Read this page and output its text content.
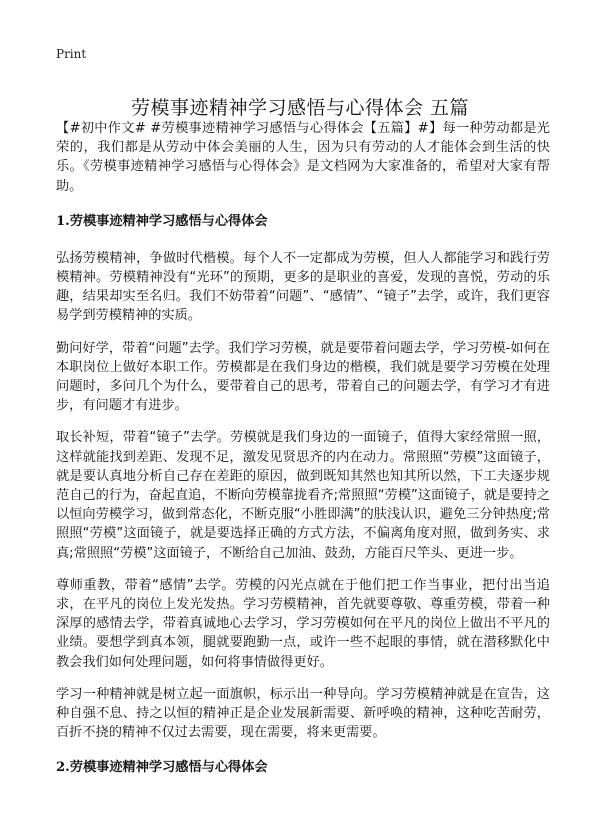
Print
劳模事迹精神学习感悟与心得体会 五篇

【#初中作文# #劳模事迹精神学习感悟与心得体会【五篇】#】每一种劳动都是光荣的，我们都是从劳动中体会美丽的人生，因为只有劳动的人才能体会到生活的快乐。《劳模事迹精神学习感悟与心得体会》是文档网为大家准备的，希望对大家有帮助。

1.劳模事迹精神学习感悟与心得体会

弘扬劳模精神，争做时代楷模。每个人不一定都成为劳模，但人人都能学习和践行劳模精神。劳模精神没有“光环”的预期，更多的是职业的喜爱，发现的喜悦，劳动的乐趣，结果却实至名归。我们不妨带着“问题”、“感情”、“镜子”去学，或许，我们更容易学到劳模精神的实质。

勤问好学，带着“问题”去学。我们学习劳模，就是要带着问题去学，学习劳模-如何在本职岗位上做好本职工作。劳模都是在我们身边的楷模，我们就是要学习劳模在处理问题时，多问几个为什么，要带着自己的思考，带着自己的问题去学，有学习才有进步，有问题才有进步。

取长补短，带着“镜子”去学。劳模就是我们身边的一面镜子，值得大家经常照一照，这样就能找到差距、发现不足，激发见贤思齐的内在动力。常照照“劳模”这面镜子，就是要认真地分析自己存在差距的原因，做到既知其然也知其所以然，下工夫逐步规范自己的行为，奋起直追，不断向劳模靠拢看齐;常照照“劳模”这面镜子，就是要持之以恒向劳模学习，做到常态化，不断克服“小胜即满”的肤浅认识，避免三分钟热度;常照照“劳模”这面镜子，就是要选择正确的方式方法，不偏离角度对照，做到务实、求真;常照照“劳模”这面镜子，不断给自己加油、鼓劲，方能百尺竿头、更进一步。

尊师重教，带着“感情”去学。劳模的闪光点就在于他们把工作当事业，把付出当追求，在平凡的岗位上发光发热。学习劳模精神，首先就要尊敬、尊重劳模，带着一种深厚的感情去学，带着真诚地心去学习，学习劳模如何在平凡的岗位上做出不平凡的业绩。要想学到真本领，腿就要跑勤一点，或许一些不起眼的事情，就在潜移默化中教会我们如何处理问题，如何将事情做得更好。

学习一种精神就是树立起一面旗帜，标示出一种导向。学习劳模精神就是在宣告，这种自强不息、持之以恒的精神正是企业发展新需要、新呼唤的精神，这种吃苦耐劳，百折不挠的精神不仅过去需要，现在需要，将来更需要。

2.劳模事迹精神学习感悟与心得体会
